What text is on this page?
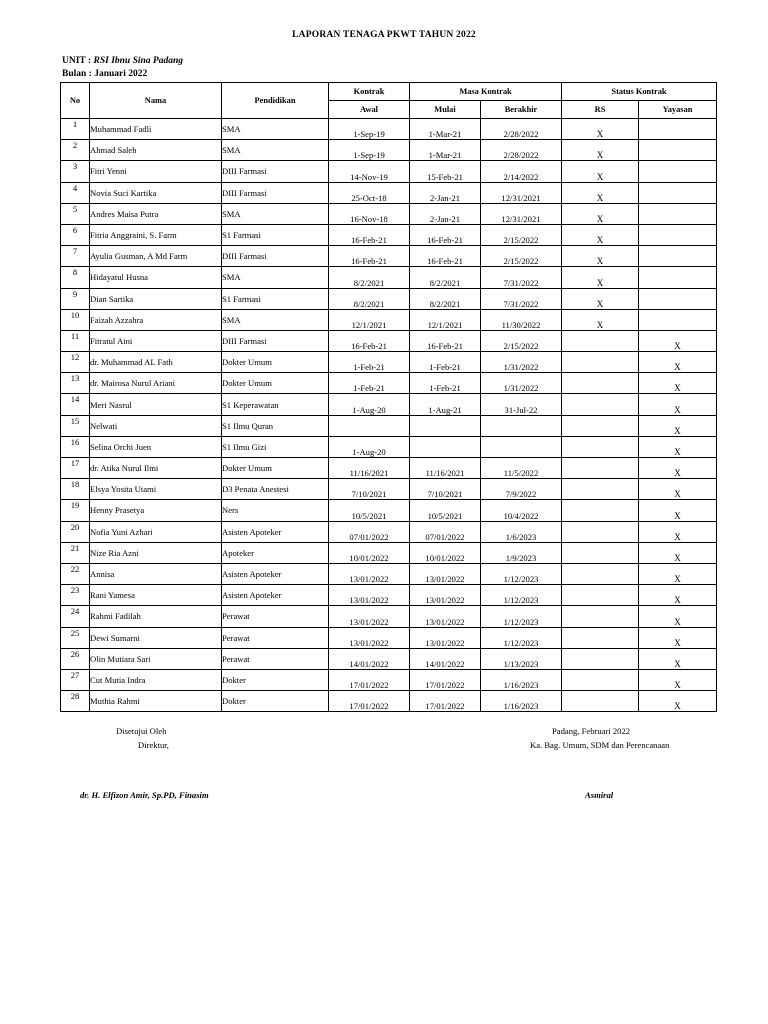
LAPORAN TENAGA PKWT TAHUN 2022
UNIT : RSI Ibnu Sina Padang
Bulan : Januari 2022
No	Nama	Pendidikan	Kontrak	Masa Kontrak		Status Kontrak	
			Awal	Mulai	Berakhir	RS	Yayasan
1	Muhammad Fadli	SMA	1-Sep-19	1-Mar-21	2/28/2022	X	
2	Ahmad Saleh	SMA	1-Sep-19	1-Mar-21	2/28/2022	X	
3	Fitri Yenni	DIII Farmasi	14-Nov-19	15-Feb-21	2/14/2022	X	
4	Novia Suci Kartika	DIII Farmasi	25-Oct-18	2-Jan-21	12/31/2021	X	
5	Andres Maisa Putra	SMA	16-Nov-18	2-Jan-21	12/31/2021	X	
6	Fitria Anggraini, S. Farm	S1 Farmasi	16-Feb-21	16-Feb-21	2/15/2022	X	
7	Ayulia Gusman, A Md Farm	DIII Farmasi	16-Feb-21	16-Feb-21	2/15/2022	X	
8	Hidayatul Husna	SMA	8/2/2021	8/2/2021	7/31/2022	X	
9	Dian Sartika	S1 Farmasi	8/2/2021	8/2/2021	7/31/2022	X	
10	Faizah Azzahra	SMA	12/1/2021	12/1/2021	11/30/2022	X	
11	Fitratul Aini	DIII Farmasi	16-Feb-21	16-Feb-21	2/15/2022		X
12	dr. Muhammad AL Fath	Dokter Umum	1-Feb-21	1-Feb-21	1/31/2022		X
13	dr. Mairosa Nurul Ariani	Dokter Umum	1-Feb-21	1-Feb-21	1/31/2022		X
14	Meri Nasrul	S1 Keperawatan	1-Aug-20	1-Aug-21	31-Jul-22		X
15	Nelwati	S1 Ilmu Quran					X
16	Selina Orchi Juen	S1 Ilmu Gizi	1-Aug-20				X
17	dr. Atika Nurul Ilmi	Dokter Umum	11/16/2021	11/16/2021	11/5/2022		X
18	Elsya Yosita Utami	D3 Penata Anestesi	7/10/2021	7/10/2021	7/9/2022		X
19	Henny Prasetya	Ners	10/5/2021	10/5/2021	10/4/2022		X
20	Nofia Yuni Azhari	Asisten Apoteker	07/01/2022	07/01/2022	1/6/2023		X
21	Nize Ria Azni	Apoteker	10/01/2022	10/01/2022	1/9/2023		X
22	Annisa	Asisten Apoteker	13/01/2022	13/01/2022	1/12/2023		X
23	Rani Yamesa	Asisten Apoteker	13/01/2022	13/01/2022	1/12/2023		X
24	Rahmi Fadilah	Perawat	13/01/2022	13/01/2022	1/12/2023		X
25	Dewi Sumarni	Perawat	13/01/2022	13/01/2022	1/12/2023		X
26	Olin Mutiara Sari	Perawat	14/01/2022	14/01/2022	1/13/2023		X
27	Cut Mutia Indra	Dokter	17/01/2022	17/01/2022	1/16/2023		X
28	Muthia Rahmi	Dokter	17/01/2022	17/01/2022	1/16/2023		X
Disetujui Oleh
Direktur,
dr. H. Elfizon Amir, Sp.PD, Finasim
Padang, Februari 2022
Ka. Bag. Umum, SDM dan Perencanaan
Asmiral
